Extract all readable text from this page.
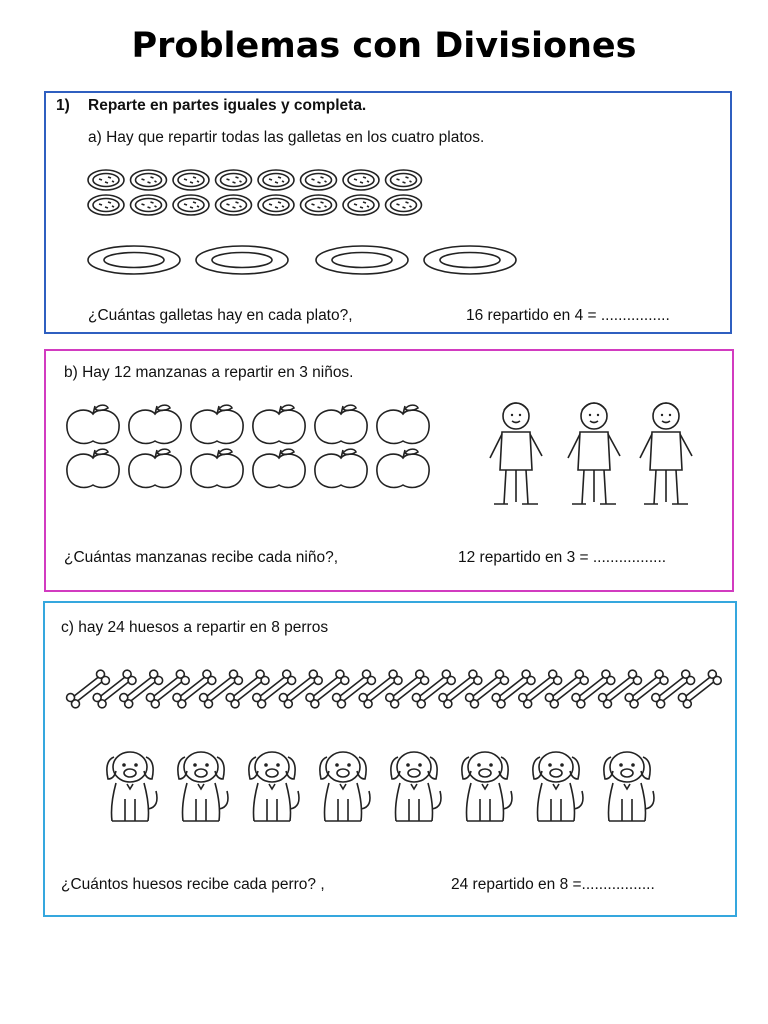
Problemas con Divisiones
1) Reparte en partes iguales y completa.
a) Hay que repartir todas las galletas en los cuatro platos.
¿Cuántas galletas hay en cada plato?,	16 repartido en 4 = ................
b) Hay 12 manzanas a repartir en 3 niños.
¿Cuántas manzanas recibe cada niño?,	12 repartido en 3 = .................
c) hay 24 huesos a repartir en 8 perros
¿Cuántos huesos recibe cada perro? ,	24 repartido en 8 =.................
